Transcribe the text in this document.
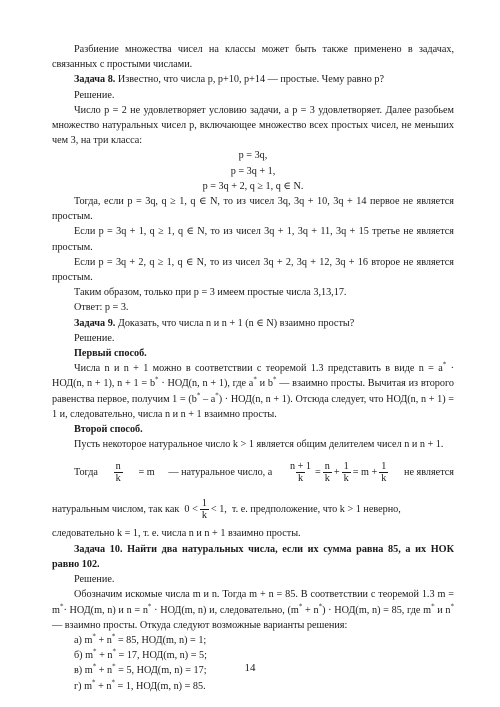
Разбиение множества чисел на классы может быть также применено в задачах, связанных с простыми числами.

Задача 8. Известно, что числа p, p+10, p+14 — простые. Чему равно p?

Решение.

Число p = 2 не удовлетворяет условию задачи, а p = 3 удовлетворяет. Далее разобьем множество натуральных чисел p, включающее множество всех простых чисел, не меньших чем 3, на три класса:

p = 3q,

p = 3q + 1,

p = 3q + 2, q ≥ 1, q ∈ N.

Тогда, если p = 3q, q ≥ 1, q ∈ N, то из чисел 3q, 3q + 10, 3q + 14 первое не является простым.

Если p = 3q + 1, q ≥ 1, q ∈ N, то из чисел 3q + 1, 3q + 11, 3q + 15 третье не является простым.

Если p = 3q + 2, q ≥ 1, q ∈ N, то из чисел 3q + 2, 3q + 12, 3q + 16 второе не является простым.

Таким образом, только при p = 3 имеем простые числа 3,13,17.

Ответ: p = 3.

Задача 9. Доказать, что числа n и n + 1 (n ∈ N) взаимно просты?

Решение.

Первый способ.

Числа n и n + 1 можно в соответствии с теоремой 1.3 представить в виде n = a* · НОД(n, n + 1), n + 1 = b* · НОД(n, n + 1), где a* и b* — взаимно просты. Вычитая из второго равенства первое, получим 1 = (b* – a*) · НОД(n, n + 1). Отсюда следует, что НОД(n, n + 1) = 1 и, следовательно, числа n и n + 1 взаимно просты.

Второй способ.

Пусть некоторое натуральное число k > 1 является общим делителем чисел n и n + 1.

Тогда $\frac{n}{k} = m$ — натуральное число, а $\frac{n + 1}{k} = \frac{n}{k} + \frac{1}{k} = m + \frac{1}{k}$ не является
натуральным числом, так как  $0 < \frac{1}{k} < 1$,  т. е. предположение, что k > 1 неверно,

следовательно k = 1, т. е. числа n и n + 1 взаимно просты.

Задача 10. Найти два натуральных числа, если их сумма равна 85, а их НОК равно 102.

Решение.

Обозначим искомые числа m и n. Тогда m + n = 85. В соответствии с теоремой 1.3 m = m*· НОД(m, n) и n = n* · НОД(m, n) и, следовательно, (m* + n*) · НОД(m, n) = 85, где m* и n* — взаимно просты. Откуда следуют возможные варианты решения:

а) m* + n* = 85, НОД(m, n) = 1;
б) m* + n* = 17, НОД(m, n) = 5;
в) m* + n* = 5, НОД(m, n) = 17;
г) m* + n* = 1, НОД(m, n) = 85.
14
